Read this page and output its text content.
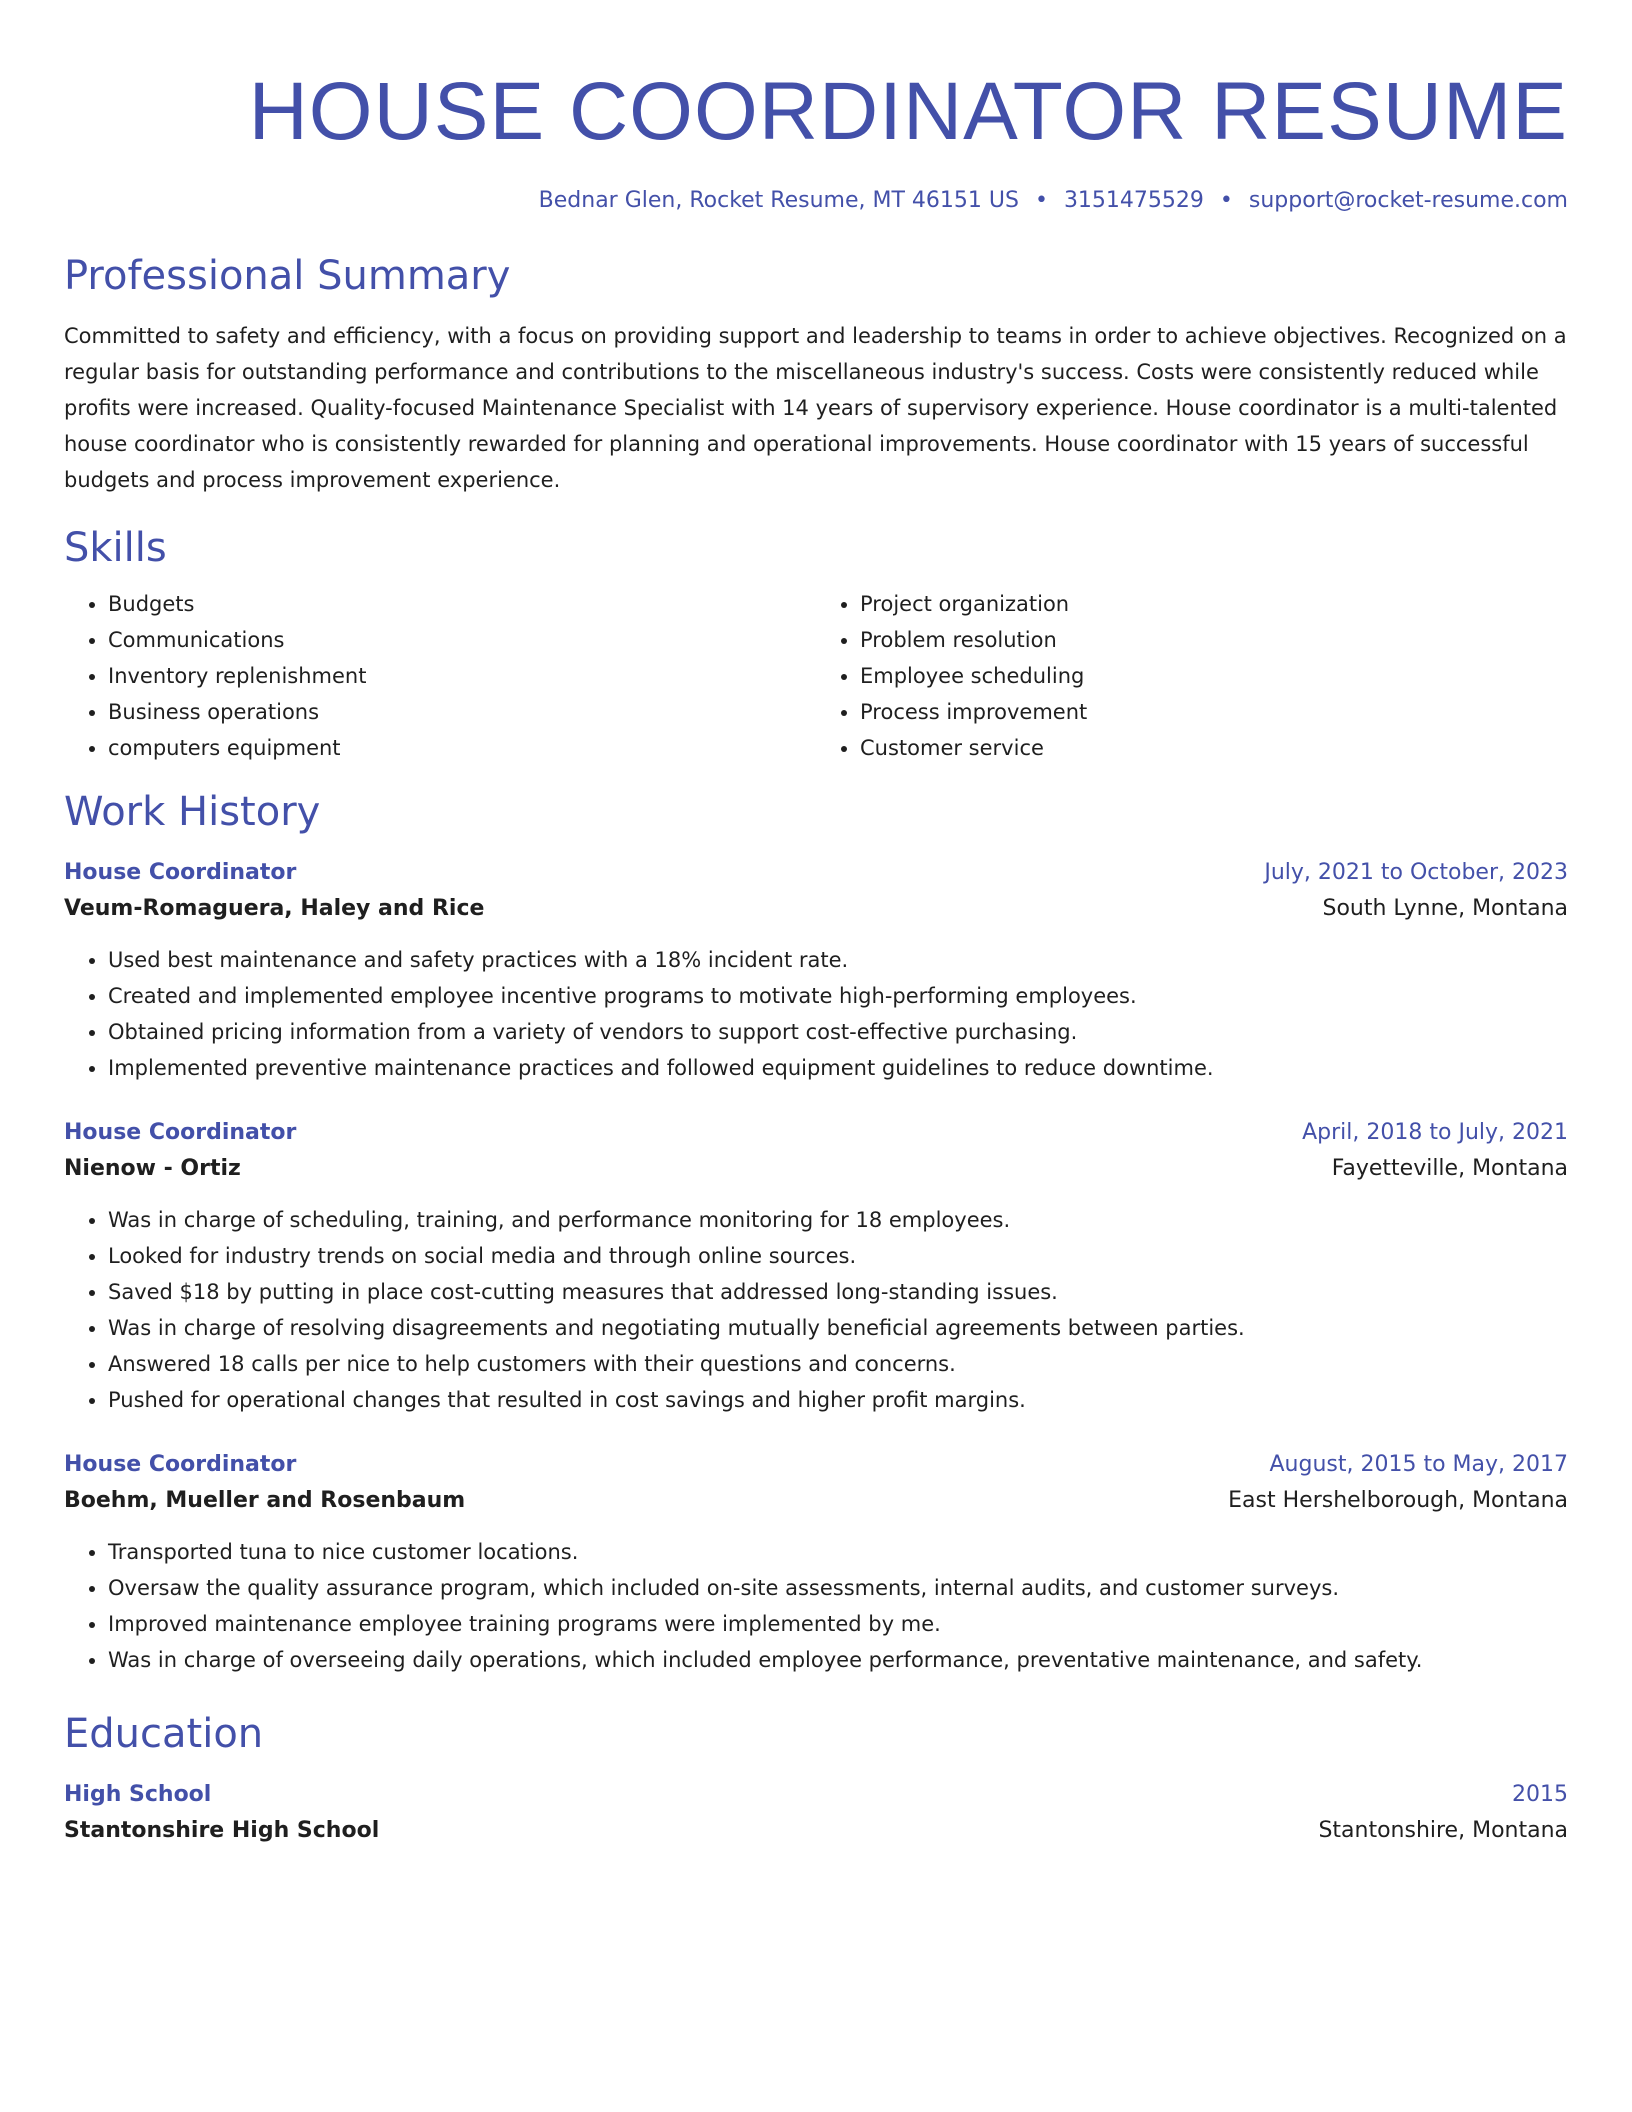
HOUSE COORDINATOR RESUME
Bednar Glen, Rocket Resume, MT 46151 US • 3151475529 • support@rocket-resume.com
Professional Summary

Committed to safety and efficiency, with a focus on providing support and leadership to teams in order to achieve objectives. Recognized on a regular basis for outstanding performance and contributions to the miscellaneous industry's success. Costs were consistently reduced while profits were increased. Quality-focused Maintenance Specialist with 14 years of supervisory experience. House coordinator is a multi-talented house coordinator who is consistently rewarded for planning and operational improvements. House coordinator with 15 years of successful budgets and process improvement experience.

Skills
• Budgets
• Communications
• Inventory replenishment
• Business operations
• computers equipment
• Project organization
• Problem resolution
• Employee scheduling
• Process improvement
• Customer service
Work History
House Coordinator	July, 2021 to October, 2023
Veum-Romaguera, Haley and Rice	South Lynne, Montana
• Used best maintenance and safety practices with a 18% incident rate.
• Created and implemented employee incentive programs to motivate high-performing employees.
• Obtained pricing information from a variety of vendors to support cost-effective purchasing.
• Implemented preventive maintenance practices and followed equipment guidelines to reduce downtime.
House Coordinator	April, 2018 to July, 2021
Nienow - Ortiz	Fayetteville, Montana
• Was in charge of scheduling, training, and performance monitoring for 18 employees.
• Looked for industry trends on social media and through online sources.
• Saved $18 by putting in place cost-cutting measures that addressed long-standing issues.
• Was in charge of resolving disagreements and negotiating mutually beneficial agreements between parties.
• Answered 18 calls per nice to help customers with their questions and concerns.
• Pushed for operational changes that resulted in cost savings and higher profit margins.
House Coordinator	August, 2015 to May, 2017
Boehm, Mueller and Rosenbaum	East Hershelborough, Montana
• Transported tuna to nice customer locations.
• Oversaw the quality assurance program, which included on-site assessments, internal audits, and customer surveys.
• Improved maintenance employee training programs were implemented by me.
• Was in charge of overseeing daily operations, which included employee performance, preventative maintenance, and safety.
Education
High School	2015
Stantonshire High School	Stantonshire, Montana
